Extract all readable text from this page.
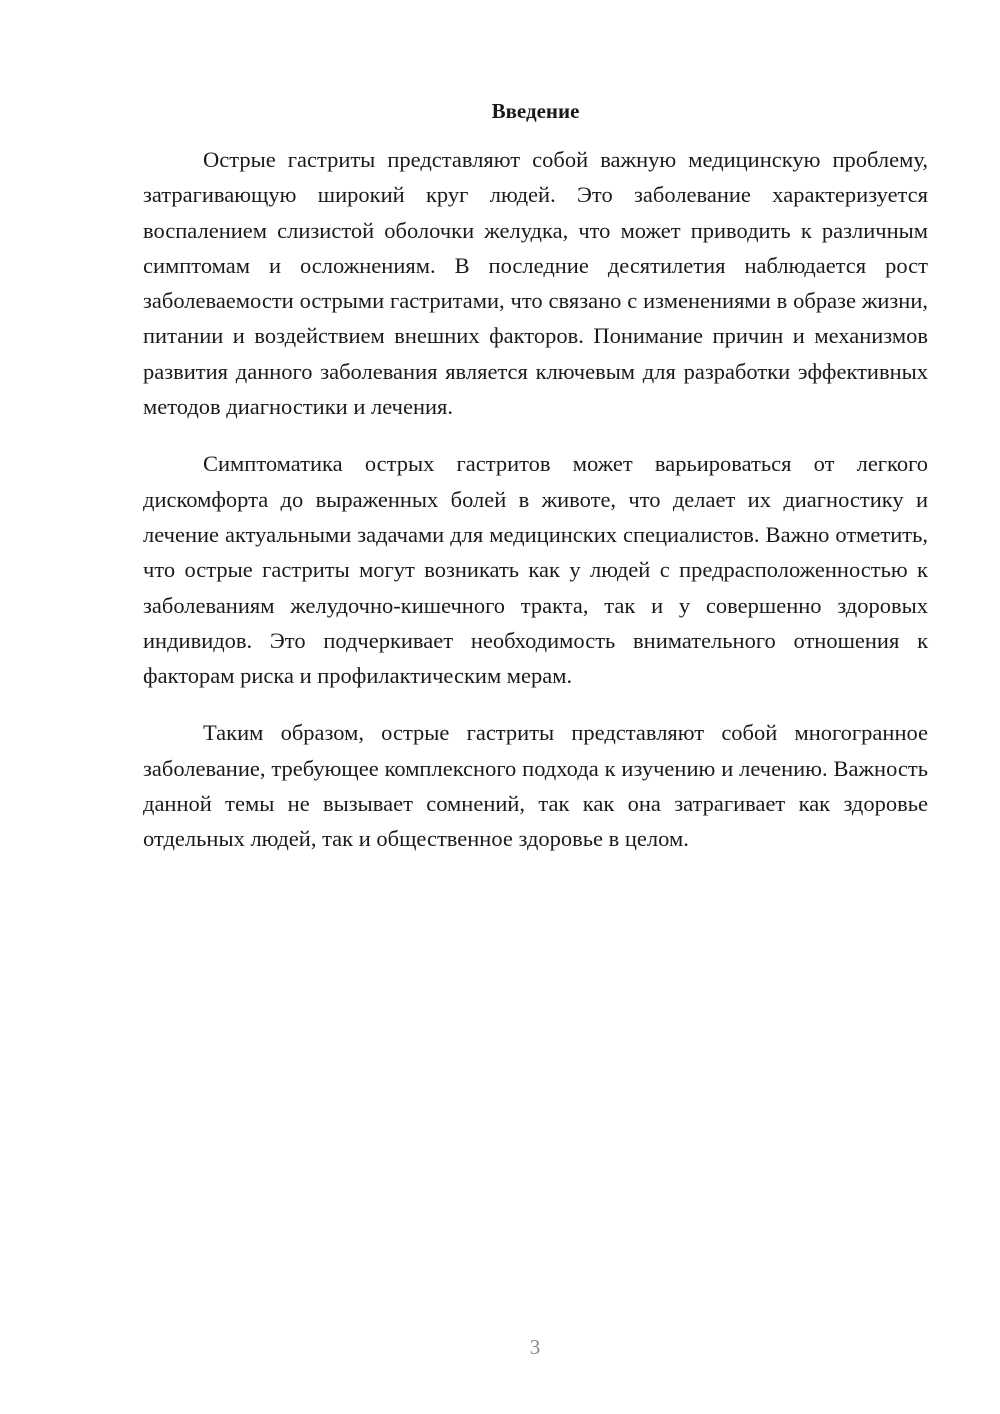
Введение

Острые гастриты представляют собой важную медицинскую проблему, затрагивающую широкий круг людей. Это заболевание характеризуется воспалением слизистой оболочки желудка, что может приводить к различным симптомам и осложнениям. В последние десятилетия наблюдается рост заболеваемости острыми гастритами, что связано с изменениями в образе жизни, питании и воздействием внешних факторов. Понимание причин и механизмов развития данного заболевания является ключевым для разработки эффективных методов диагностики и лечения.

Симптоматика острых гастритов может варьироваться от легкого дискомфорта до выраженных болей в животе, что делает их диагностику и лечение актуальными задачами для медицинских специалистов. Важно отметить, что острые гастриты могут возникать как у людей с предрасположенностью к заболеваниям желудочно-кишечного тракта, так и у совершенно здоровых индивидов. Это подчеркивает необходимость внимательного отношения к факторам риска и профилактическим мерам.

Таким образом, острые гастриты представляют собой многогранное заболевание, требующее комплексного подхода к изучению и лечению. Важность данной темы не вызывает сомнений, так как она затрагивает как здоровье отдельных людей, так и общественное здоровье в целом.

3
